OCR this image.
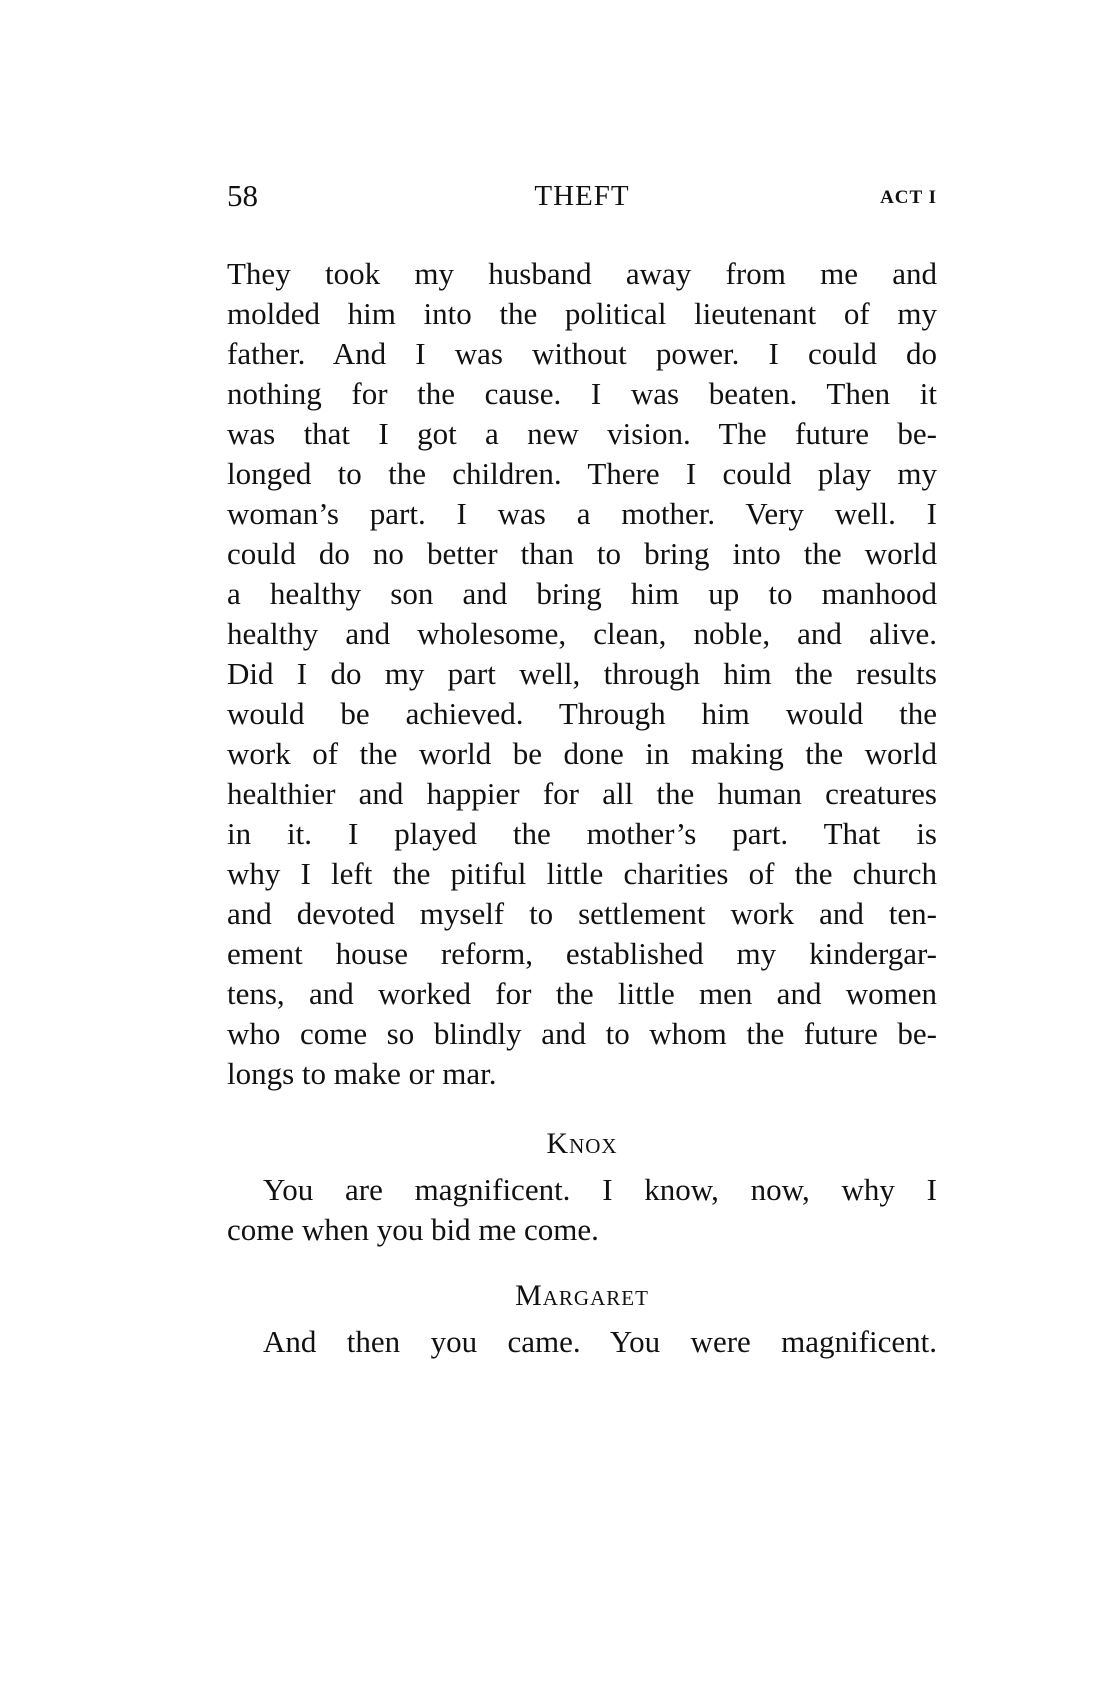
58	THEFT	ACT I
They took my husband away from me and
molded him into the political lieutenant of my
father. And I was without power. I could do
nothing for the cause. I was beaten. Then it
was that I got a new vision. The future be-
longed to the children. There I could play my
woman’s part. I was a mother. Very well. I
could do no better than to bring into the world
a healthy son and bring him up to manhood
healthy and wholesome, clean, noble, and alive.
Did I do my part well, through him the results
would be achieved. Through him would the
work of the world be done in making the world
healthier and happier for all the human creatures
in it. I played the mother’s part. That is
why I left the pitiful little charities of the church
and devoted myself to settlement work and ten-
ement house reform, established my kindergar-
tens, and worked for the little men and women
who come so blindly and to whom the future be-
longs to make or mar.
Knox
You are magnificent. I know, now, why I
come when you bid me come.
Margaret
And then you came. You were magnificent.
